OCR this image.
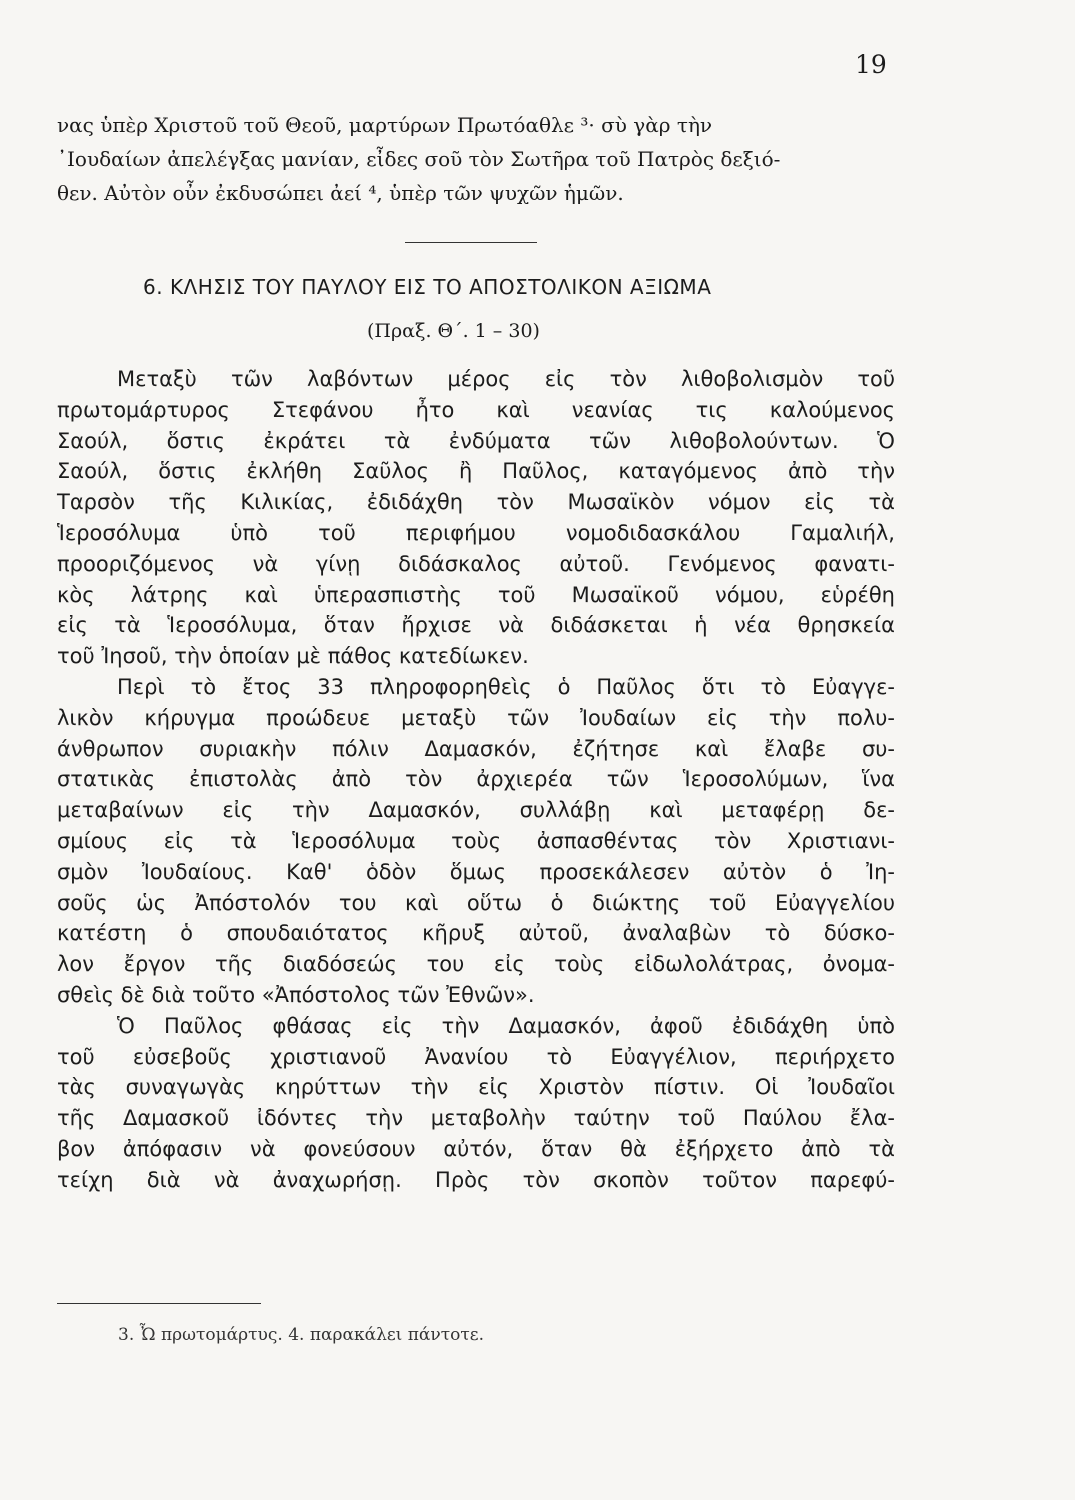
19
νας ὑπὲρ Χριστοῦ τοῦ Θεοῦ, μαρτύρων Πρωτόαθλε ³· σὺ γὰρ τὴν
᾿Ιουδαίων ἀπελέγξας μανίαν, εἶδες σοῦ τὸν Σωτῆρα τοῦ Πατρὸς δεξιό-
θεν. Αὐτὸν οὖν ἐκδυσώπει ἀεί ⁴, ὑπὲρ τῶν ψυχῶν ἡμῶν.
6. ΚΛΗΣΙΣ ΤΟΥ ΠΑΥΛΟΥ ΕΙΣ ΤΟ ΑΠΟΣΤΟΛΙΚΟΝ ΑΞΙΩΜΑ
(Πραξ. Θ΄. 1 – 30)
Μεταξὺ τῶν λαβόντων μέρος εἰς τὸν λιθοβολισμὸν τοῦ
πρωτομάρτυρος Στεφάνου ἦτο καὶ νεανίας τις καλούμενος
Σαούλ, ὅστις ἐκράτει τὰ ἐνδύματα τῶν λιθοβολούντων. Ὁ
Σαούλ, ὅστις ἐκλήθη Σαῦλος ἢ Παῦλος, καταγόμενος ἀπὸ τὴν
Ταρσὸν τῆς Κιλικίας, ἐδιδάχθη τὸν Μωσαϊκὸν νόμον εἰς τὰ
Ἱεροσόλυμα ὑπὸ τοῦ περιφήμου νομοδιδασκάλου Γαμαλιήλ,
προοριζόμενος νὰ γίνῃ διδάσκαλος αὐτοῦ. Γενόμενος φανατι-
κὸς λάτρης καὶ ὑπερασπιστὴς τοῦ Μωσαϊκοῦ νόμου, εὑρέθη
εἰς τὰ Ἱεροσόλυμα, ὅταν ἤρχισε νὰ διδάσκεται ἡ νέα θρησκεία
τοῦ Ἰησοῦ, τὴν ὁποίαν μὲ πάθος κατεδίωκεν.
Περὶ τὸ ἔτος 33 πληροφορηθεὶς ὁ Παῦλος ὅτι τὸ Εὐαγγε-
λικὸν κήρυγμα προώδευε μεταξὺ τῶν Ἰουδαίων εἰς τὴν πολυ-
άνθρωπον συριακὴν πόλιν Δαμασκόν, ἐζήτησε καὶ ἔλαβε συ-
στατικὰς ἐπιστολὰς ἀπὸ τὸν ἀρχιερέα τῶν Ἱεροσολύμων, ἵνα
μεταβαίνων εἰς τὴν Δαμασκόν, συλλάβῃ καὶ μεταφέρῃ δε-
σμίους εἰς τὰ Ἱεροσόλυμα τοὺς ἀσπασθέντας τὸν Χριστιανι-
σμὸν Ἰουδαίους. Καθ' ὁδὸν ὅμως προσεκάλεσεν αὐτὸν ὁ Ἰη-
σοῦς ὡς Ἀπόστολόν του καὶ οὕτω ὁ διώκτης τοῦ Εὐαγγελίου
κατέστη ὁ σπουδαιότατος κῆρυξ αὐτοῦ, ἀναλαβὼν τὸ δύσκο-
λον ἔργον τῆς διαδόσεώς του εἰς τοὺς εἰδωλολάτρας, ὀνομα-
σθεὶς δὲ διὰ τοῦτο «Ἀπόστολος τῶν Ἐθνῶν».
Ὁ Παῦλος φθάσας εἰς τὴν Δαμασκόν, ἀφοῦ ἐδιδάχθη ὑπὸ
τοῦ εὐσεβοῦς χριστιανοῦ Ἀνανίου τὸ Εὐαγγέλιον, περιήρχετο
τὰς συναγωγὰς κηρύττων τὴν εἰς Χριστὸν πίστιν. Οἱ Ἰουδαῖοι
τῆς Δαμασκοῦ ἰδόντες τὴν μεταβολὴν ταύτην τοῦ Παύλου ἔλα-
βον ἀπόφασιν νὰ φονεύσουν αὐτόν, ὅταν θὰ ἐξήρχετο ἀπὸ τὰ
τείχη διὰ νὰ ἀναχωρήσῃ. Πρὸς τὸν σκοπὸν τοῦτον παρεφύ-
3. Ὦ πρωτομάρτυς. 4. παρακάλει πάντοτε.
